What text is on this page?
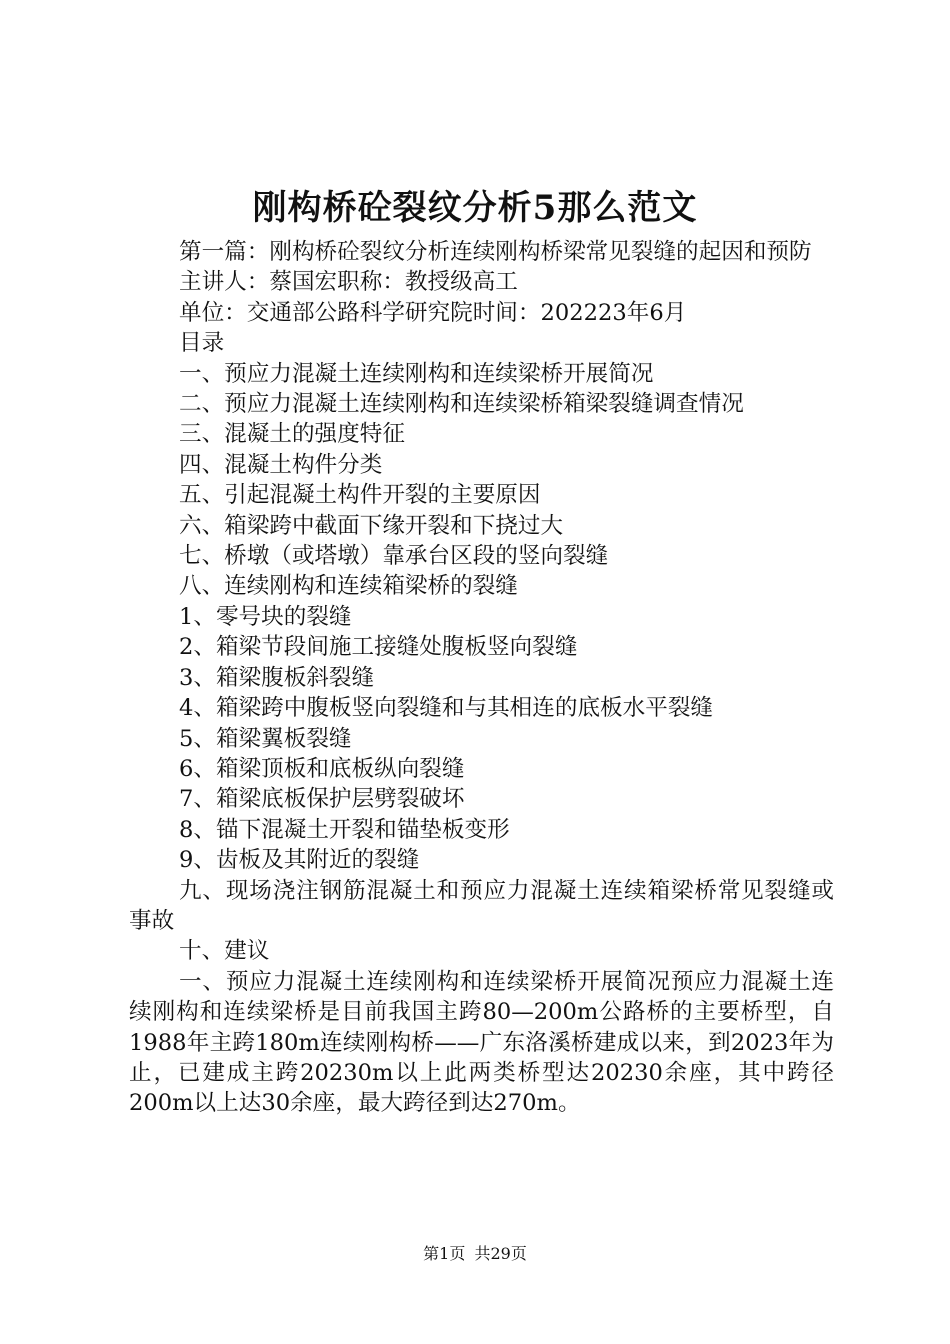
刚构桥砼裂纹分析5那么范文

第一篇：刚构桥砼裂纹分析连续刚构桥梁常见裂缝的起因和预防

主讲人：蔡国宏职称：教授级高工

单位：交通部公路科学研究院时间：202223年6月

目录

一、预应力混凝土连续刚构和连续梁桥开展简况

二、预应力混凝土连续刚构和连续梁桥箱梁裂缝调查情况

三、混凝土的强度特征

四、混凝土构件分类

五、引起混凝土构件开裂的主要原因

六、箱梁跨中截面下缘开裂和下挠过大

七、桥墩（或塔墩）靠承台区段的竖向裂缝

八、连续刚构和连续箱梁桥的裂缝

1、零号块的裂缝

2、箱梁节段间施工接缝处腹板竖向裂缝

3、箱梁腹板斜裂缝

4、箱梁跨中腹板竖向裂缝和与其相连的底板水平裂缝

5、箱梁翼板裂缝

6、箱梁顶板和底板纵向裂缝

7、箱梁底板保护层劈裂破坏

8、锚下混凝土开裂和锚垫板变形

9、齿板及其附近的裂缝

九、现场浇注钢筋混凝土和预应力混凝土连续箱梁桥常见裂缝或事故

十、建议

一、预应力混凝土连续刚构和连续梁桥开展简况预应力混凝土连续刚构和连续梁桥是目前我国主跨80—200m公路桥的主要桥型，自1988年主跨180m连续刚构桥——广东洛溪桥建成以来，到2023年为止，已建成主跨20230m以上此两类桥型达20230余座，其中跨径200m以上达30余座，最大跨径到达270m。

第1页 共29页
